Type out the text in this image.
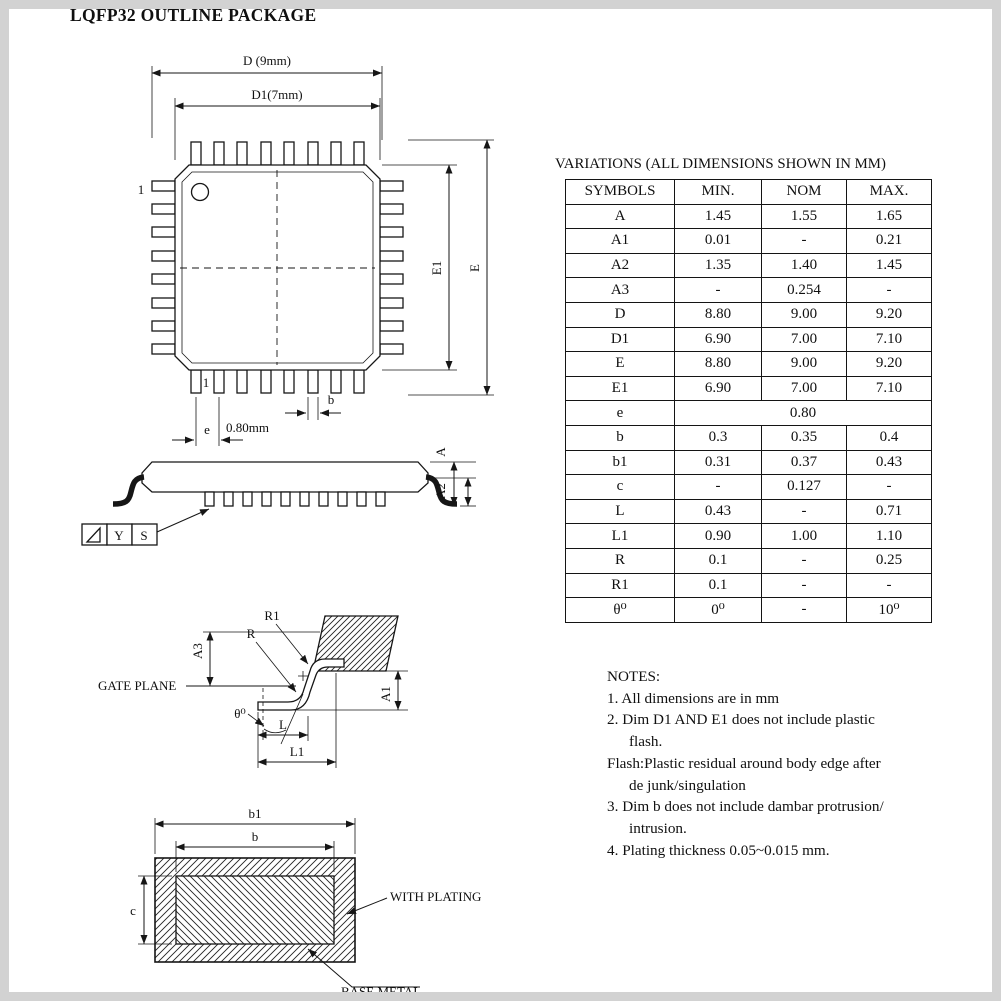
LQFP32 OUTLINE PACKAGE
1
1
D (9mm)
D1(7mm)
E1 E
b
e 0.80mm
A
A2
Y S
R1
R
A3
GATE PLANE
θ⁰
L
L1
A1
b1
b
c
WITH PLATING
BASE METAL
VARIATIONS (ALL DIMENSIONS SHOWN IN MM)
SYMBOLS	MIN.	NOM	MAX.
A	1.45	1.55	1.65
A1	0.01	-	0.21
A2	1.35	1.40	1.45
A3	-	0.254	-
D	8.80	9.00	9.20
D1	6.90	7.00	7.10
E	8.80	9.00	9.20
E1	6.90	7.00	7.10
e	0.80		
b	0.3	0.35	0.4
b1	0.31	0.37	0.43
c	-	0.127	-
L	0.43	-	0.71
L1	0.90	1.00	1.10
R	0.1	-	0.25
R1	0.1	-	-
θ⁰	0⁰	-	10⁰
NOTES:
1. All dimensions are in mm
2. Dim D1 AND E1 does not include plastic
flash.
Flash:Plastic residual around body edge after
de junk/singulation
3. Dim b does not include dambar protrusion/
intrusion.
4. Plating thickness 0.05~0.015 mm.
